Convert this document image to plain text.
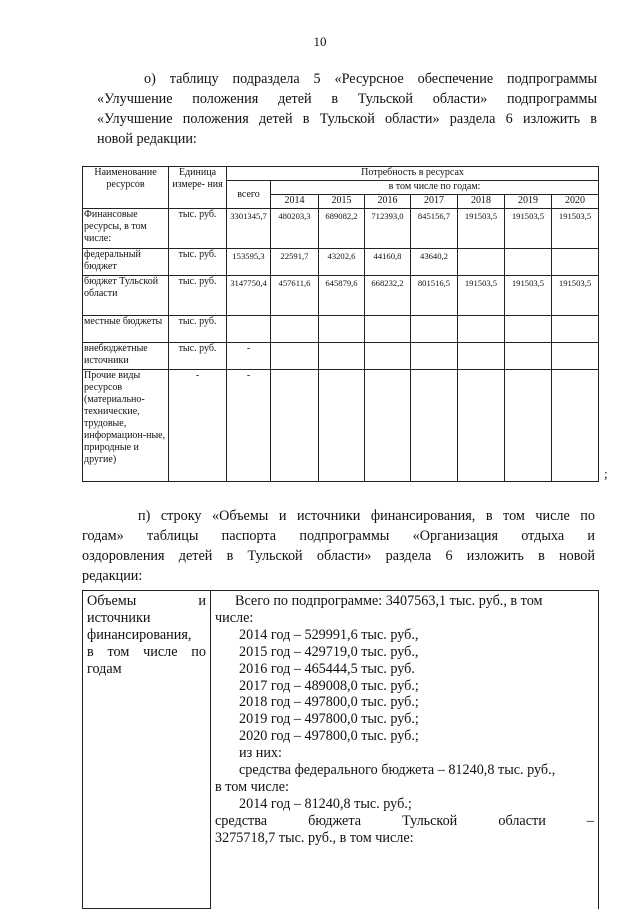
10
о) таблицу подраздела 5 «Ресурсное обеспечение подпрограммы
«Улучшение положения детей в Тульской области» подпрограммы
«Улучшение положения детей в Тульской области» раздела 6 изложить в
новой редакции:
Наименование ресурсов	Единица измере- ния	Потребность в ресурсах							
		всего	в том числе по годам:						
			2014	2015	2016	2017	2018	2019	2020
Финансовые ресурсы, в том числе:	тыс. руб.	3301345,7	480203,3	689082,2	712393,0	845156,7	191503,5	191503,5	191503,5
федеральный бюджет	тыс. руб.	153595,3	22591,7	43202,6	44160,8	43640,2			
бюджет Тульской области	тыс. руб.	3147750,4	457611,6	645879,6	668232,2	801516,5	191503,5	191503,5	191503,5
местные бюджеты	тыс. руб.								
внебюджетные источники	тыс. руб.	-							
Прочие виды ресурсов (материально-технические, трудовые, информацион-ные, природные и другие)	-	-							
;
п) строку «Объемы и источники финансирования, в том числе по
годам» таблицы паспорта подпрограммы «Организация отдыха и
оздоровления детей в Тульской области» раздела 6 изложить в новой
редакции:
Объемы и
источники
финансирования,
в том числе по
годам

Всего по подпрограмме: 3407563,1 тыс. руб., в том
числе:
2014 год – 529991,6 тыс. руб.,
2015 год – 429719,0 тыс. руб.,
2016 год – 465444,5 тыс. руб.
2017 год – 489008,0 тыс. руб.;
2018 год – 497800,0 тыс. руб.;
2019 год – 497800,0 тыс. руб.;
2020 год – 497800,0 тыс. руб.;
из них:
средства федерального бюджета – 81240,8 тыс. руб.,
в том числе:
2014 год – 81240,8 тыс. руб.;
средства бюджета Тульской области –
3275718,7 тыс. руб., в том числе:
